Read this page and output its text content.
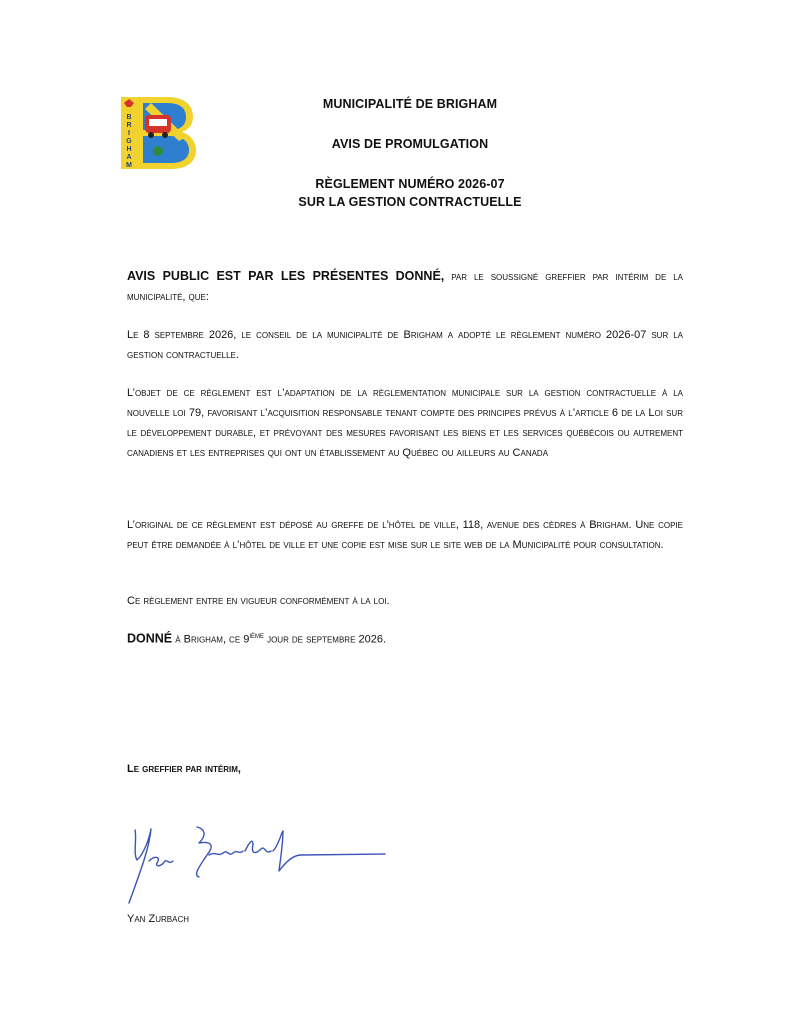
B
R
I
G
H
A
M
MUNICIPALITÉ DE BRIGHAM
AVIS DE PROMULGATION
RÈGLEMENT NUMÉRO 2026-07
SUR LA GESTION CONTRACTUELLE
AVIS PUBLIC EST PAR LES PRÉSENTES DONNÉ, par le soussigné greffier par intérim de la municipalité, que:
Le 8 septembre 2026, le conseil de la municipalité de Brigham a adopté le règlement numéro 2026-07 sur la gestion contractuelle.
L’objet de ce règlement est l’adaptation de la règlementation municipale sur la gestion contractuelle à la nouvelle loi 79, favorisant l’acquisition responsable tenant compte des principes prévus à l’article 6 de la Loi sur le développement durable, et prévoyant des mesures favorisant les biens et les services québécois ou autrement canadiens et les entreprises qui ont un établissement au Québec ou ailleurs au Canada
L’original de ce règlement est déposé au greffe de l'hôtel de ville, 118, avenue des cèdres à Brigham. Une copie peut être demandée à l’hôtel de ville et une copie est mise sur le site web de la Municipalité pour consultation.
Ce règlement entre en vigueur conformément à la loi.
DONNÉ à Brigham, ce 9ième jour de septembre 2026.
Le greffier par intérim,
Yan Zurbach
